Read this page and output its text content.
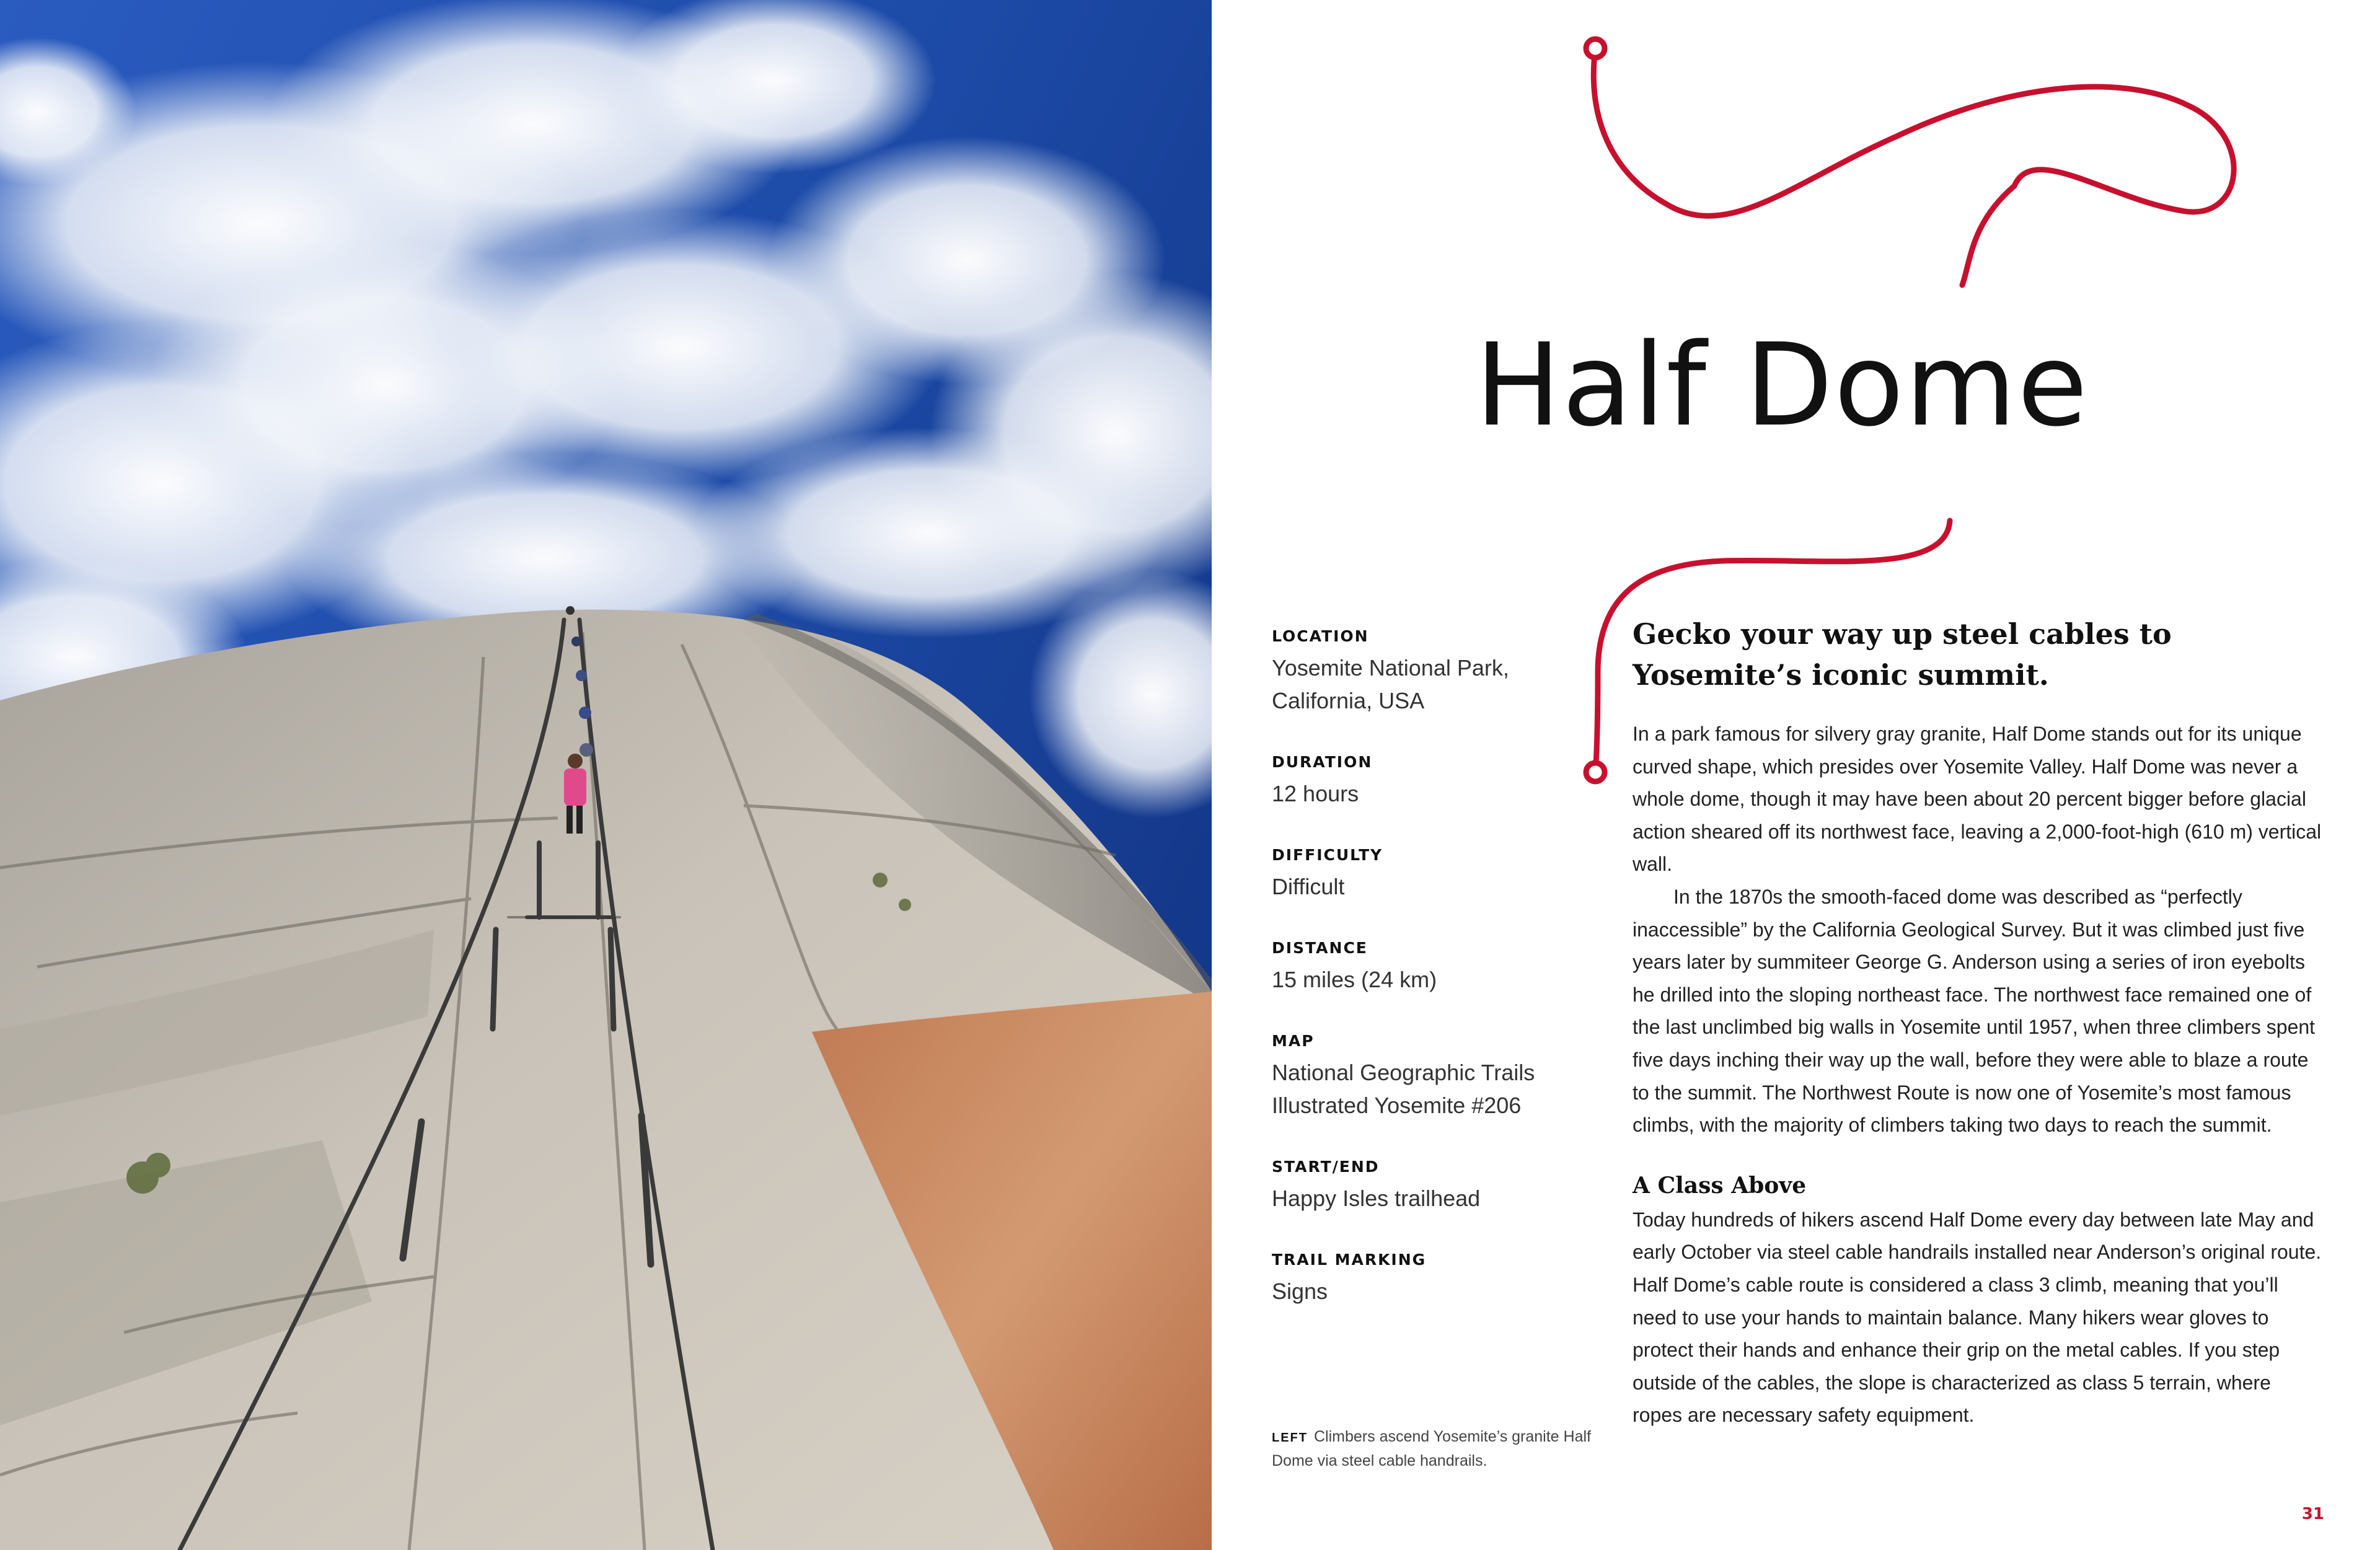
Half Dome
LOCATION
Yosemite National Park,
California, USA
DURATION
12 hours
DIFFICULTY
Difficult
DISTANCE
15 miles (24 km)
MAP
National Geographic Trails
Illustrated Yosemite #206
START/END
Happy Isles trailhead
TRAIL MARKING
Signs
LEFT Climbers ascend Yosemite’s granite Half Dome via steel cable handrails.
Gecko your way up steel cables to Yosemite’s iconic summit.

In a park famous for silvery gray granite, Half Dome stands out for its unique curved shape, which presides over Yosemite Valley. Half Dome was never a whole dome, though it may have been about 20 percent bigger before glacial action sheared off its northwest face, leaving a 2,000-foot-high (610 m) vertical wall.

In the 1870s the smooth-faced dome was described as “perfectly inaccessible” by the California Geological Survey. But it was climbed just five years later by summiteer George G. Anderson using a series of iron eyebolts he drilled into the sloping northeast face. The northwest face remained one of the last unclimbed big walls in Yosemite until 1957, when three climbers spent five days inching their way up the wall, before they were able to blaze a route to the summit. The Northwest Route is now one of Yosemite’s most famous climbs, with the majority of climbers taking two days to reach the summit.

A Class Above

Today hundreds of hikers ascend Half Dome every day between late May and early October via steel cable handrails installed near Anderson’s original route. Half Dome’s cable route is considered a class 3 climb, meaning that you’ll need to use your hands to maintain balance. Many hikers wear gloves to protect their hands and enhance their grip on the metal cables. If you step outside of the cables, the slope is characterized as class 5 terrain, where ropes are necessary safety equipment.

31
